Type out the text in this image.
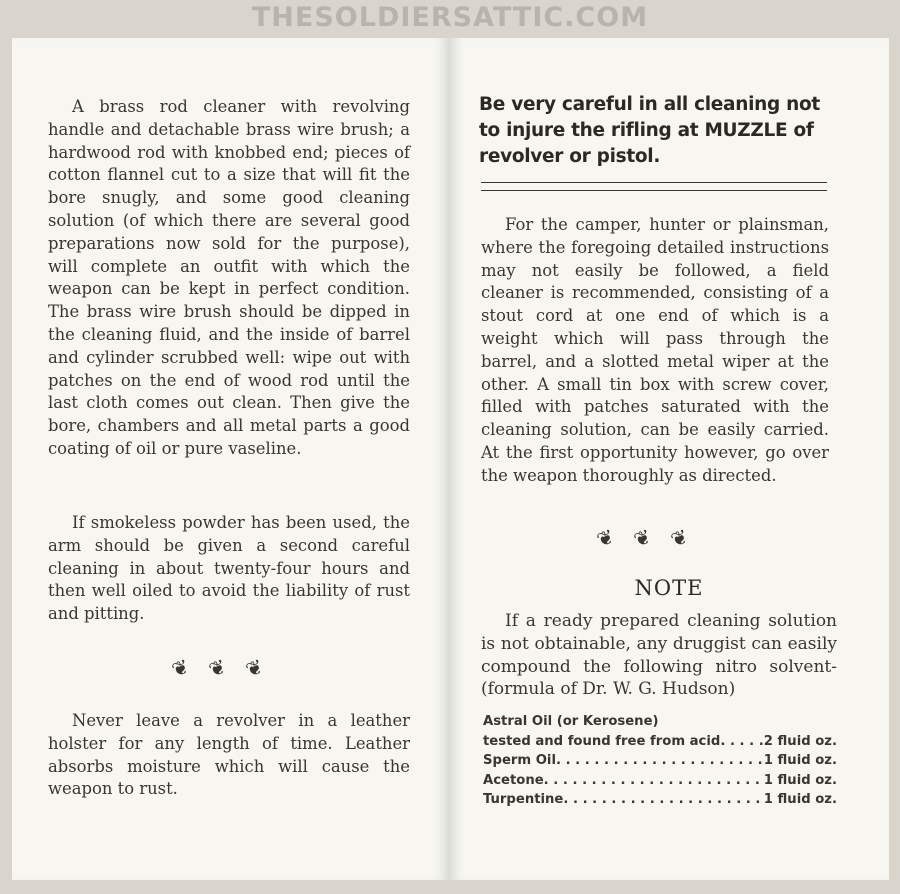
THESOLDIERSATTIC.COM

A brass rod cleaner with revolving handle and detachable brass wire brush; a hardwood rod with knobbed end; pieces of cotton flannel cut to a size that will fit the bore snugly, and some good cleaning solution (of which there are several good preparations now sold for the purpose), will complete an outfit with which the weapon can be kept in perfect condition. The brass wire brush should be dipped in the cleaning fluid, and the inside of barrel and cylinder scrubbed well: wipe out with patches on the end of wood rod until the last cloth comes out clean. Then give the bore, chambers and all metal parts a good coating of oil or pure vaseline.

If smokeless powder has been used, the arm should be given a second careful cleaning in about twenty-four hours and then well oiled to avoid the liability of rust and pitting.

❦ ❦ ❦

Never leave a revolver in a leather holster for any length of time. Leather absorbs moisture which will cause the weapon to rust.

Be very careful in all cleaning not to injure the rifling at MUZZLE of revolver or pistol.

For the camper, hunter or plainsman, where the foregoing detailed instructions may not easily be followed, a field cleaner is recommended, consisting of a stout cord at one end of which is a weight which will pass through the barrel, and a slotted metal wiper at the other. A small tin box with screw cover, filled with patches saturated with the cleaning solution, can be easily carried. At the first opportunity however, go over the weapon thoroughly as directed.

❦ ❦ ❦
NOTE

If a ready prepared cleaning solution is not obtainable, any druggist can easily compound the following nitro solvent-(formula of Dr. W. G. Hudson)

Astral Oil (or Kerosene)
tested and found free from acid . . .	2 fluid oz.
Sperm Oil . . .	1 fluid oz.
Acetone . . .	1 fluid oz.
Turpentine . . .	1 fluid oz.
